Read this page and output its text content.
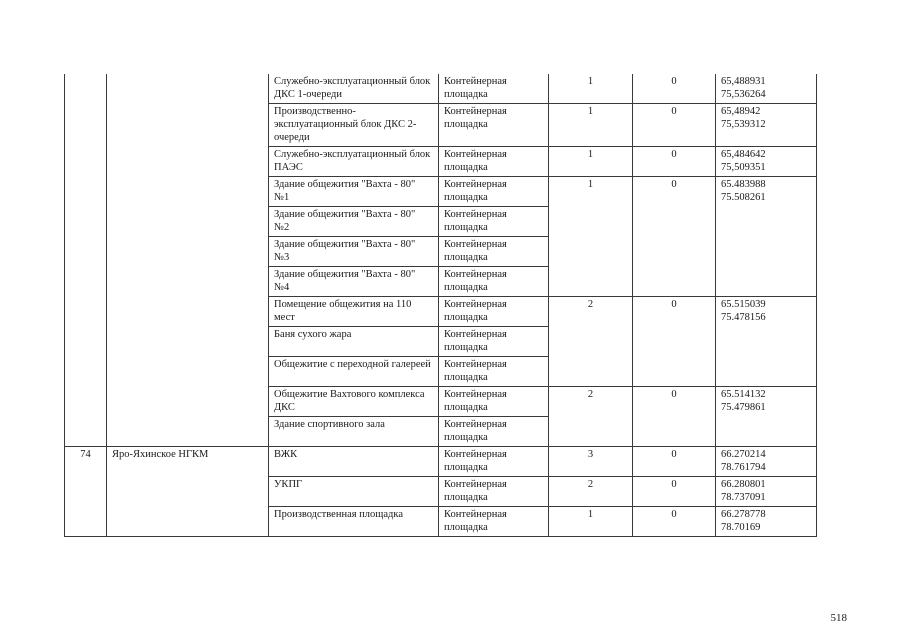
		Служебно-эксплуатационный блок ДКС 1-очереди	Контейнерная площадка	1	0	65,488931
75,536264

		Производственно-эксплуатационный блок ДКС 2-очереди	Контейнерная площадка	1	0	65,48942
75,539312

		Служебно-эксплуатационный блок ПАЭС	Контейнерная площадка	1	0	65,484642
75,509351

		Здание общежития "Вахта - 80" №1	Контейнерная площадка	1	0	65.483988
75.508261

		Здание общежития "Вахта - 80" №2	Контейнерная площадка			
		Здание общежития "Вахта - 80" №3	Контейнерная площадка			
		Здание общежития "Вахта - 80" №4	Контейнерная площадка			
		Помещение общежития на 110 мест	Контейнерная площадка	2	0	65.515039
75.478156

		Баня сухого жара	Контейнерная площадка			
		Общежитие с переходной галереей	Контейнерная площадка			
		Общежитие Вахтового комплекса ДКС	Контейнерная площадка	2	0	65.514132
75.479861

		Здание спортивного зала	Контейнерная площадка			
74	Яро-Яхинское НГКМ	ВЖК	Контейнерная площадка	3	0	66.270214
78.761794

		УКПГ	Контейнерная площадка	2	0	66.280801
78.737091

		Производственная площадка	Контейнерная площадка	1	0	66.278778
78.70169
518
